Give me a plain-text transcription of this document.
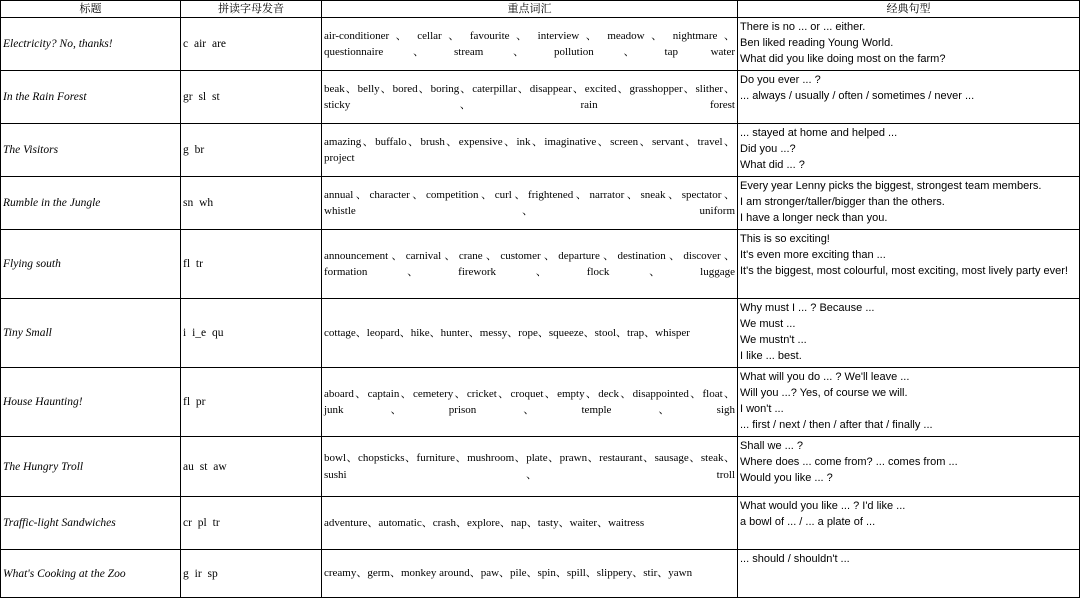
标题	拼读字母发音	重点词汇	经典句型
Electricity? No, thanks!	c air are	air-conditioner 、 cellar 、 favourite 、 interview 、 meadow 、 nightmare 、 questionnaire、stream、pollution、tap water	There is no ... or ... either.
Ben liked reading Young World.
What did you like doing most on the farm?

In the Rain Forest	gr sl st	beak、belly、bored、boring、caterpillar、disappear、excited、grasshopper、slither、sticky、rain forest	Do you ever ... ?
... always / usually / often / sometimes / never ...

The Visitors	g br	amazing、buffalo、brush、expensive、ink、imaginative、screen、servant、travel、project	... stayed at home and helped ...
Did you ...?
What did ... ?

Rumble in the Jungle	sn wh	annual、character、competition、curl、frightened、narrator、sneak、spectator、whistle、uniform	Every year Lenny picks the biggest, strongest team members.
I am stronger/taller/bigger than the others.
I have a longer neck than you.

Flying south	fl tr	announcement、carnival、crane、customer、departure、destination、discover、formation、firework、flock、luggage	This is so exciting!
It's even more exciting than ...
It's the biggest, most colourful, most exciting, most lively party ever!

Tiny Small	i i_e qu	cottage、leopard、hike、hunter、messy、rope、squeeze、stool、trap、whisper	Why must I ... ? Because ...
We must ...
We mustn't ...
I like ... best.

House Haunting!	fl pr	aboard、captain、cemetery、cricket、croquet、empty、deck、disappointed、float、junk、prison、temple、sigh	What will you do ... ? We'll leave ...
Will you ...? Yes, of course we will.
I won't ...
... first / next / then / after that / finally ...

The Hungry Troll	au st aw	bowl、chopsticks、furniture、mushroom、plate、prawn、restaurant、sausage、steak、sushi、troll	Shall we ... ?
Where does ... come from? ... comes from ...
Would you like ... ?

Traffic-light Sandwiches	cr pl tr	adventure、automatic、crash、explore、nap、tasty、waiter、waitress	What would you like ... ? I'd like ...
a bowl of ... / ... a plate of ...

What's Cooking at the Zoo	g ir sp	creamy、germ、monkey around、paw、pile、spin、spill、slippery、stir、yawn	... should / shouldn't ...
